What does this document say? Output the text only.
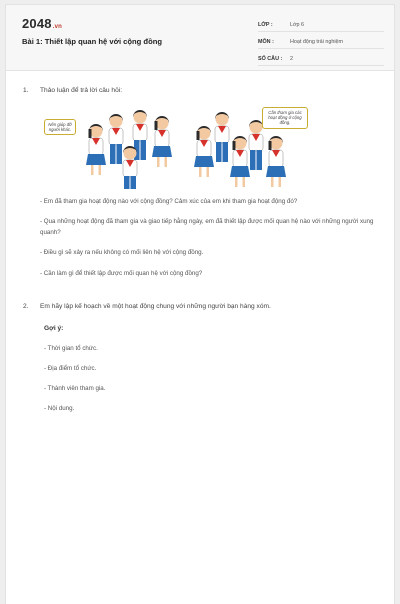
2048.vn
Bài 1: Thiết lập quan hệ với cộng đồng
LỚP :	Lớp 6
MÔN :	Hoạt động trải nghiệm
SỐ CÂU : 2
1. Thảo luận để trả lời câu hỏi:
Nên giúp đỡ người khác.
Cần tham gia các hoạt động ở cộng đồng.
- Em đã tham gia hoạt động nào với cộng đồng? Cảm xúc của em khi tham gia hoạt động đó?
- Qua những hoạt động đã tham gia và giao tiếp hằng ngày, em đã thiết lập được mối quan hệ nào với những người xung quanh?
- Điều gì sẽ xảy ra nếu không có mối liên hệ với cộng đồng.
- Cần làm gì để thiết lập được mối quan hệ với cộng đồng?
2. Em hãy lập kế hoạch về một hoạt động chung với những người bạn hàng xóm.
Gợi ý:
- Thời gian tổ chức.
- Địa điểm tổ chức.
- Thành viên tham gia.
- Nội dung.
